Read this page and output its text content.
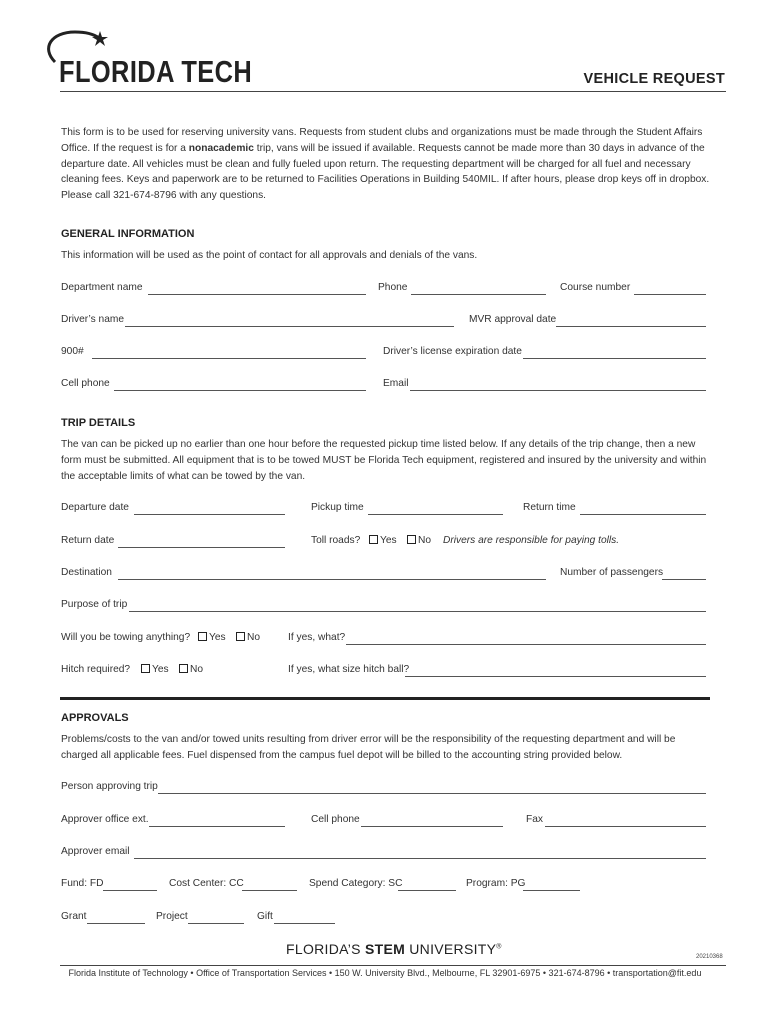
FLORIDA TECH	VEHICLE REQUEST
This form is to be used for reserving university vans. Requests from student clubs and organizations must be made through the Student Affairs Office. If the request is for a nonacademic trip, vans will be issued if available. Requests cannot be made more than 30 days in advance of the departure date. All vehicles must be clean and fully fueled upon return. The requesting department will be charged for all fuel and necessary cleaning fees. Keys and paperwork are to be returned to Facilities Operations in Building 540MIL. If after hours, please drop keys off in dropbox. Please call 321-674-8796 with any questions.
GENERAL INFORMATION
This information will be used as the point of contact for all approvals and denials of the vans.
Department name	Phone	Course number
Driver’s name	MVR approval date
900#	Driver’s license expiration date
Cell phone	Email
TRIP DETAILS
The van can be picked up no earlier than one hour before the requested pickup time listed below. If any details of the trip change, then a new form must be submitted. All equipment that is to be towed MUST be Florida Tech equipment, registered and insured by the university and within the acceptable limits of what can be towed by the van.
Departure date	Pickup time	Return time
Return date	Toll roads?	Yes	No Drivers are responsible for paying tolls.
Destination	Number of passengers
Purpose of trip
Will you be towing anything?	Yes	No	If yes, what?
Hitch required?	Yes	No	If yes, what size hitch ball?
APPROVALS
Problems/costs to the van and/or towed units resulting from driver error will be the responsibility of the requesting department and will be charged all applicable fees. Fuel dispensed from the campus fuel depot will be billed to the accounting string provided below.
Person approving trip
Approver office ext.	Cell phone	Fax
Approver email
Fund: FD	Cost Center: CC	Spend Category: SC	Program: PG
Grant	Project	Gift
FLORIDA’S STEM UNIVERSITY®
20210368
Florida Institute of Technology • Office of Transportation Services • 150 W. University Blvd., Melbourne, FL 32901-6975 • 321-674-8796 • transportation@fit.edu
